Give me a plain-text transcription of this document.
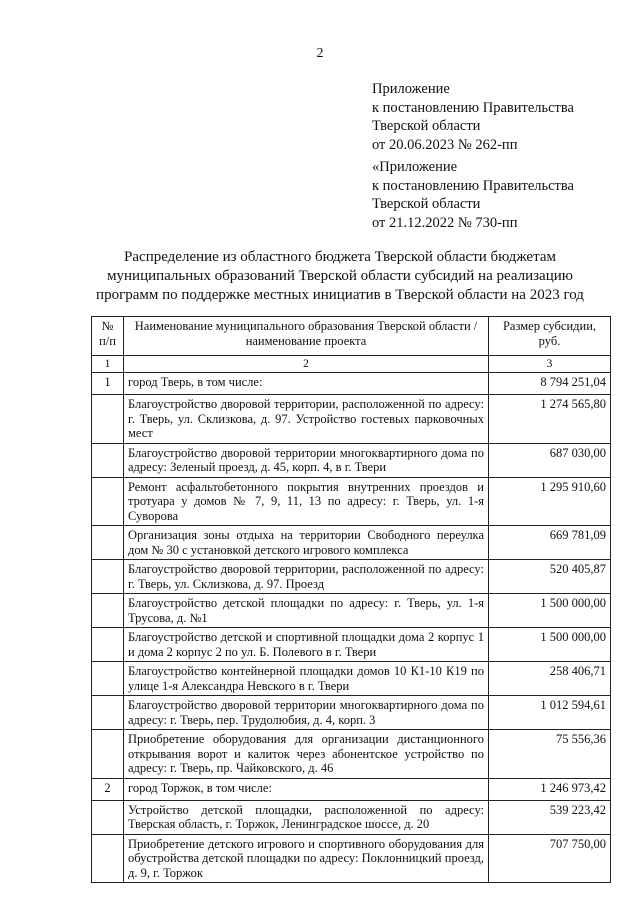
2
Приложение
к постановлению Правительства
Тверской области
от 20.06.2023 № 262-пп
«Приложение
к постановлению Правительства
Тверской области
от 21.12.2022 № 730-пп
Распределение из областного бюджета Тверской области бюджетам
муниципальных образований Тверской области субсидий на реализацию
программ по поддержке местных инициатив в Тверской области на 2023 год
№ п/п	Наименование муниципального образования Тверской области / наименование проекта	Размер субсидии, руб.
1	2	3
1	город Тверь, в том числе:	8 794 251,04
	Благоустройство дворовой территории, расположенной по адресу: г. Тверь, ул. Склизкова, д. 97. Устройство гостевых парковочных мест	1 274 565,80
	Благоустройство дворовой территории многоквартирного дома по адресу: Зеленый проезд, д. 45, корп. 4, в г. Твери	687 030,00
	Ремонт асфальтобетонного покрытия внутренних проездов и тротуара у домов № 7, 9, 11, 13 по адресу: г. Тверь, ул. 1-я Суворова	1 295 910,60
	Организация зоны отдыха на территории Свободного переулка дом № 30 с установкой детского игрового комплекса	669 781,09
	Благоустройство дворовой территории, расположенной по адресу: г. Тверь, ул. Склизкова, д. 97. Проезд	520 405,87
	Благоустройство детской площадки по адресу: г. Тверь, ул. 1-я Трусова, д. №1	1 500 000,00
	Благоустройство детской и спортивной площадки дома 2 корпус 1 и дома 2 корпус 2 по ул. Б. Полевого в г. Твери	1 500 000,00
	Благоустройство контейнерной площадки домов 10 К1-10 К19 по улице 1-я Александра Невского в г. Твери	258 406,71
	Благоустройство дворовой территории многоквартирного дома по адресу: г. Тверь, пер. Трудолюбия, д. 4, корп. 3	1 012 594,61
	Приобретение оборудования для организации дистанционного открывания ворот и калиток через абонентское устройство по адресу: г. Тверь, пр. Чайковского, д. 46	75 556,36
2	город Торжок, в том числе:	1 246 973,42
	Устройство детской площадки, расположенной по адресу: Тверская область, г. Торжок, Ленинградское шоссе, д. 20	539 223,42
	Приобретение детского игрового и спортивного оборудования для обустройства детской площадки по адресу: Поклонницкий проезд, д. 9, г. Торжок	707 750,00
